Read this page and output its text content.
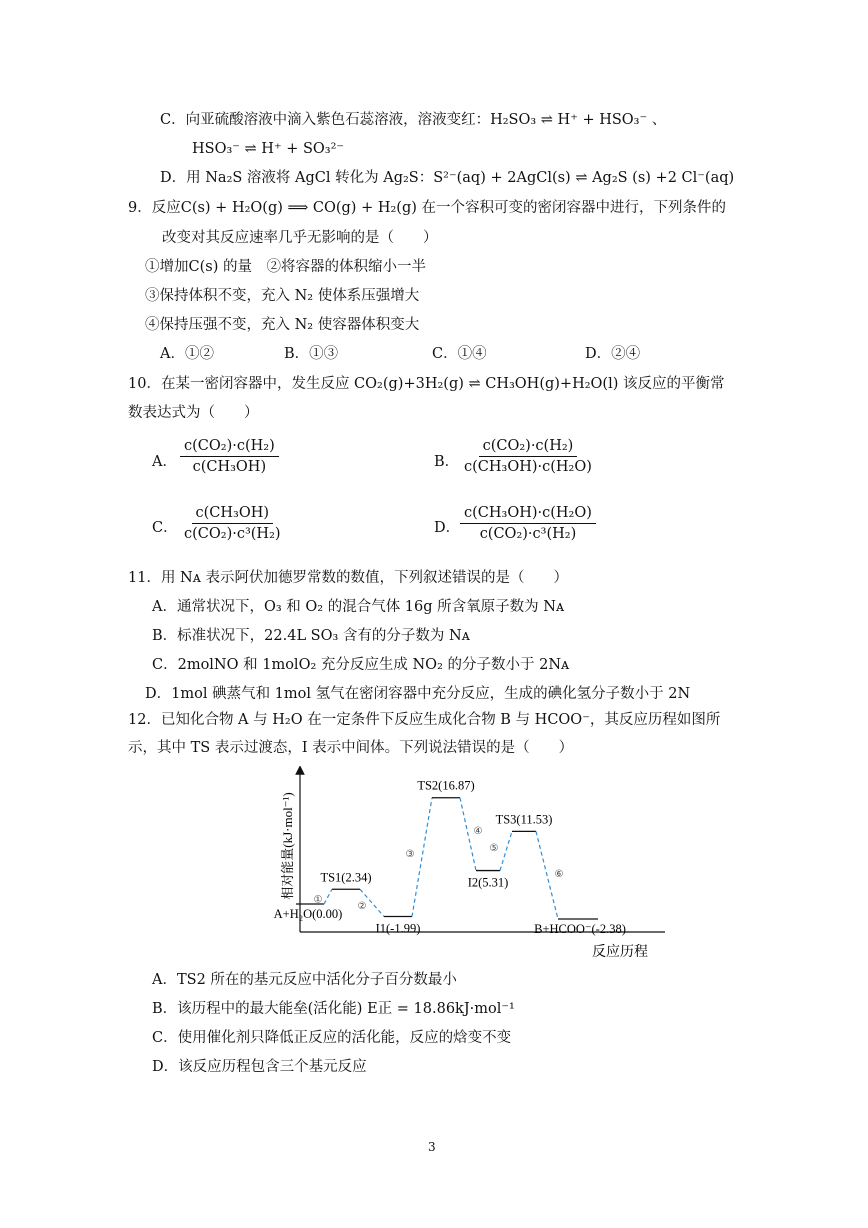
C．向亚硫酸溶液中滴入紫色石蕊溶液，溶液变红：H₂SO₃ ⇌ H⁺ + HSO₃⁻ 、
HSO₃⁻ ⇌ H⁺ + SO₃²⁻
D．用 Na₂S 溶液将 AgCl 转化为 Ag₂S：S²⁻(aq) + 2AgCl(s) ⇌ Ag₂S (s) +2 Cl⁻(aq)
9．反应C(s) + H₂O(g) ⟹ CO(g) + H₂(g) 在一个容积可变的密闭容器中进行，下列条件的
改变对其反应速率几乎无影响的是（　　）
①增加C(s) 的量　②将容器的体积缩小一半
③保持体积不变，充入 N₂ 使体系压强增大
④保持压强不变，充入 N₂ 使容器体积变大
A．①②	B．①③	C．①④	D．②④
10．在某一密闭容器中，发生反应 CO₂(g)+3H₂(g) ⇌ CH₃OH(g)+H₂O(l) 该反应的平衡常
数表达式为（　　）
A． $\frac{\text{c(CO₂)·c(H₂)}}{\text{c(CH₃OH)}}$	B． $\frac{\text{c(CO₂)·c(H₂)}}{\text{c(CH₃OH)·c(H₂O)}}$
C． $\frac{\text{c(CH₃OH)}}{\text{c(CO₂)·c³(H₂)}}$	D． $\frac{\text{c(CH₃OH)·c(H₂O)}}{\text{c(CO₂)·c³(H₂)}}$
11．用 Nᴀ 表示阿伏加德罗常数的数值，下列叙述错误的是（　　）
A．通常状况下，O₃ 和 O₂ 的混合气体 16g 所含氧原子数为 Nᴀ
B．标准状况下，22.4L SO₃ 含有的分子数为 Nᴀ
C．2molNO 和 1molO₂ 充分反应生成 NO₂ 的分子数小于 2Nᴀ
D．1mol 碘蒸气和 1mol 氢气在密闭容器中充分反应，生成的碘化氢分子数小于 2N
12．已知化合物 A 与 H₂O 在一定条件下反应生成化合物 B 与 HCOO⁻，其反应历程如图所
示，其中 TS 表示过渡态，I 表示中间体。下列说法错误的是（　　）
相对能量(kJ·mol⁻¹)
反应历程
A+H₂O(0.00)
①
TS1(2.34)
②
I1(-1.99)
③
TS2(16.87)
④
I2(5.31)
⑤
TS3(11.53)
⑥
B+HCOO⁻(-2.38)
A．TS2 所在的基元反应中活化分子百分数最小
B．该历程中的最大能垒(活化能) E正 = 18.86kJ·mol⁻¹
C．使用催化剂只降低正反应的活化能，反应的焓变不变
D．该反应历程包含三个基元反应
3
